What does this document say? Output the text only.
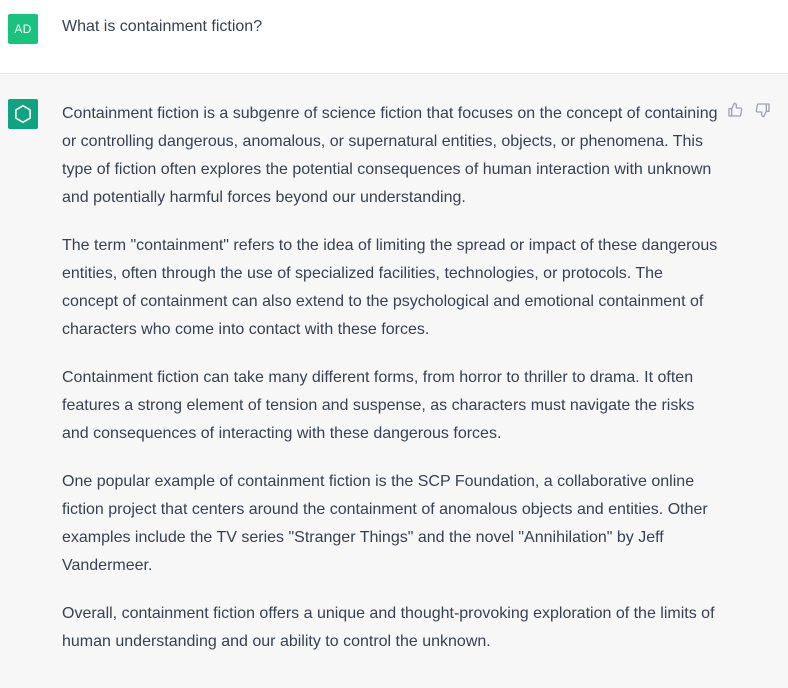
AD	What is containment fiction?

Containment fiction is a subgenre of science fiction that focuses on the concept of containing or controlling dangerous, anomalous, or supernatural entities, objects, or phenomena. This type of fiction often explores the potential consequences of human interaction with unknown and potentially harmful forces beyond our understanding.

The term "containment" refers to the idea of limiting the spread or impact of these dangerous entities, often through the use of specialized facilities, technologies, or protocols. The concept of containment can also extend to the psychological and emotional containment of characters who come into contact with these forces.

Containment fiction can take many different forms, from horror to thriller to drama. It often features a strong element of tension and suspense, as characters must navigate the risks and consequences of interacting with these dangerous forces.

One popular example of containment fiction is the SCP Foundation, a collaborative online fiction project that centers around the containment of anomalous objects and entities. Other examples include the TV series "Stranger Things" and the novel "Annihilation" by Jeff Vandermeer.

Overall, containment fiction offers a unique and thought-provoking exploration of the limits of human understanding and our ability to control the unknown.
